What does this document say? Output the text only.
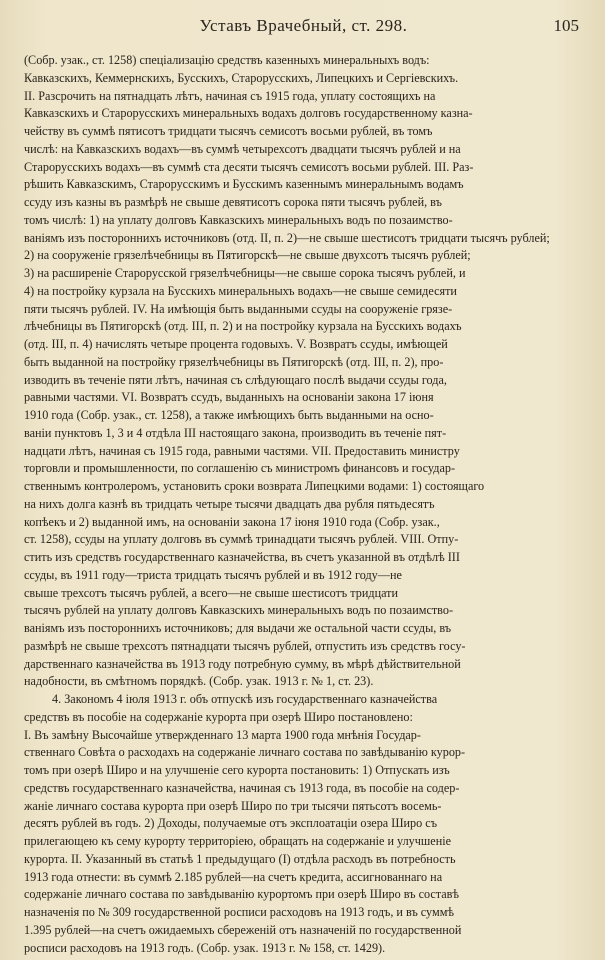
Уставъ Врачебный, ст. 298.	105
(Собр. узак., ст. 1258) спеціализацію средствъ казенныхъ минеральныхъ водъ:
Кавказскихъ, Кеммернскихъ, Бусскихъ, Старорусскихъ, Липецкихъ и Сергіевскихъ.
II. Разсрочить на пятнадцать лѣтъ, начиная съ 1915 года, уплату состоящихъ на
Кавказскихъ и Старорусскихъ минеральныхъ водахъ долговъ государственному казна-
чейству въ суммѣ пятисотъ тридцати тысячъ семисотъ восьми рублей, въ томъ
числѣ: на Кавказскихъ водахъ—въ суммѣ четырехсотъ двадцати тысячъ рублей и на
Старорусскихъ водахъ—въ суммѣ ста десяти тысячъ семисотъ восьми рублей. III. Раз-
рѣшить Кавказскимъ, Старорусскимъ и Бусскимъ казеннымъ минеральнымъ водамъ
ссуду изъ казны въ размѣрѣ не свыше девятисотъ сорока пяти тысячъ рублей, въ
томъ числѣ: 1) на уплату долговъ Кавказскихъ минеральныхъ водъ по позаимство-
ваніямъ изъ постороннихъ источниковъ (отд. II, п. 2)—не свыше шестисотъ тридцати тысячъ рублей;
2) на сооруженіе грязелѣчебницы въ Пятигорскѣ—не свыше двухсотъ тысячъ рублей;
3) на расширеніе Старорусской грязелѣчебницы—не свыше сорока тысячъ рублей, и
4) на постройку курзала на Бусскихъ минеральныхъ водахъ—не свыше семидесяти
пяти тысячъ рублей. IV. На имѣющія быть выданными ссуды на сооруженіе грязе-
лѣчебницы въ Пятигорскѣ (отд. III, п. 2) и на постройку курзала на Бусскихъ водахъ
(отд. III, п. 4) начислять четыре процента годовыхъ. V. Возвратъ ссуды, имѣющей
быть выданной на постройку грязелѣчебницы въ Пятигорскѣ (отд. III, п. 2), про-
изводить въ теченіе пяти лѣтъ, начиная съ слѣдующаго послѣ выдачи ссуды года,
равными частями. VI. Возвратъ ссудъ, выданныхъ на основаніи закона 17 іюня
1910 года (Собр. узак., ст. 1258), а также имѣющихъ быть выданными на осно-
ваніи пунктовъ 1, 3 и 4 отдѣла III настоящаго закона, производить въ теченіе пят-
надцати лѣтъ, начиная съ 1915 года, равными частями. VII. Предоставить министру
торговли и промышленности, по соглашенію съ министромъ финансовъ и государ-
ственнымъ контролеромъ, установить сроки возврата Липецкими водами: 1) состоящаго
на нихъ долга казнѣ въ тридцать четыре тысячи двадцать два рубля пятьдесятъ
копѣекъ и 2) выданной имъ, на основаніи закона 17 іюня 1910 года (Собр. узак.,
ст. 1258), ссуды на уплату долговъ въ суммѣ тринадцати тысячъ рублей. VIII. Отпу-
стить изъ средствъ государственнаго казначейства, въ счетъ указанной въ отдѣлѣ III
ссуды, въ 1911 году—триста тридцать тысячъ рублей и въ 1912 году—не
свыше трехсотъ тысячъ рублей, а всего—не свыше шестисотъ тридцати
тысячъ рублей на уплату долговъ Кавказскихъ минеральныхъ водъ по позаимство-
ваніямъ изъ постороннихъ источниковъ; для выдачи же остальной части ссуды, въ
размѣрѣ не свыше трехсотъ пятнадцати тысячъ рублей, отпустить изъ средствъ госу-
дарственнаго казначейства въ 1913 году потребную сумму, въ мѣрѣ дѣйствительной
надобности, въ смѣтномъ порядкѣ. (Собр. узак. 1913 г. № 1, ст. 23).
4. Закономъ 4 іюля 1913 г. объ отпускѣ изъ государственнаго казначейства
средствъ въ пособіе на содержаніе курорта при озерѣ Широ постановлено:
I. Въ замѣну Высочайше утвержденнаго 13 марта 1900 года мнѣнія Государ-
ственнаго Совѣта о расходахъ на содержаніе личнаго состава по завѣдыванію курор-
томъ при озерѣ Широ и на улучшеніе сего курорта постановить: 1) Отпускать изъ
средствъ государственнаго казначейства, начиная съ 1913 года, въ пособіе на содер-
жаніе личнаго состава курорта при озерѣ Широ по три тысячи пятьсотъ восемь-
десятъ рублей въ годъ. 2) Доходы, получаемые отъ эксплоатаціи озера Широ съ
прилегающею къ сему курорту территоріею, обращать на содержаніе и улучшеніе
курорта. II. Указанный въ статьѣ 1 предыдущаго (I) отдѣла расходъ въ потребность
1913 года отнести: въ суммѣ 2.185 рублей—на счетъ кредита, ассигнованнаго на
содержаніе личнаго состава по завѣдыванію курортомъ при озерѣ Широ въ составѣ
назначенія по № 309 государственной росписи расходовъ на 1913 годъ, и въ суммѣ
1.395 рублей—на счетъ ожидаемыхъ сбереженій отъ назначеній по государственной
росписи расходовъ на 1913 годъ. (Собр. узак. 1913 г. № 158, ст. 1429).
